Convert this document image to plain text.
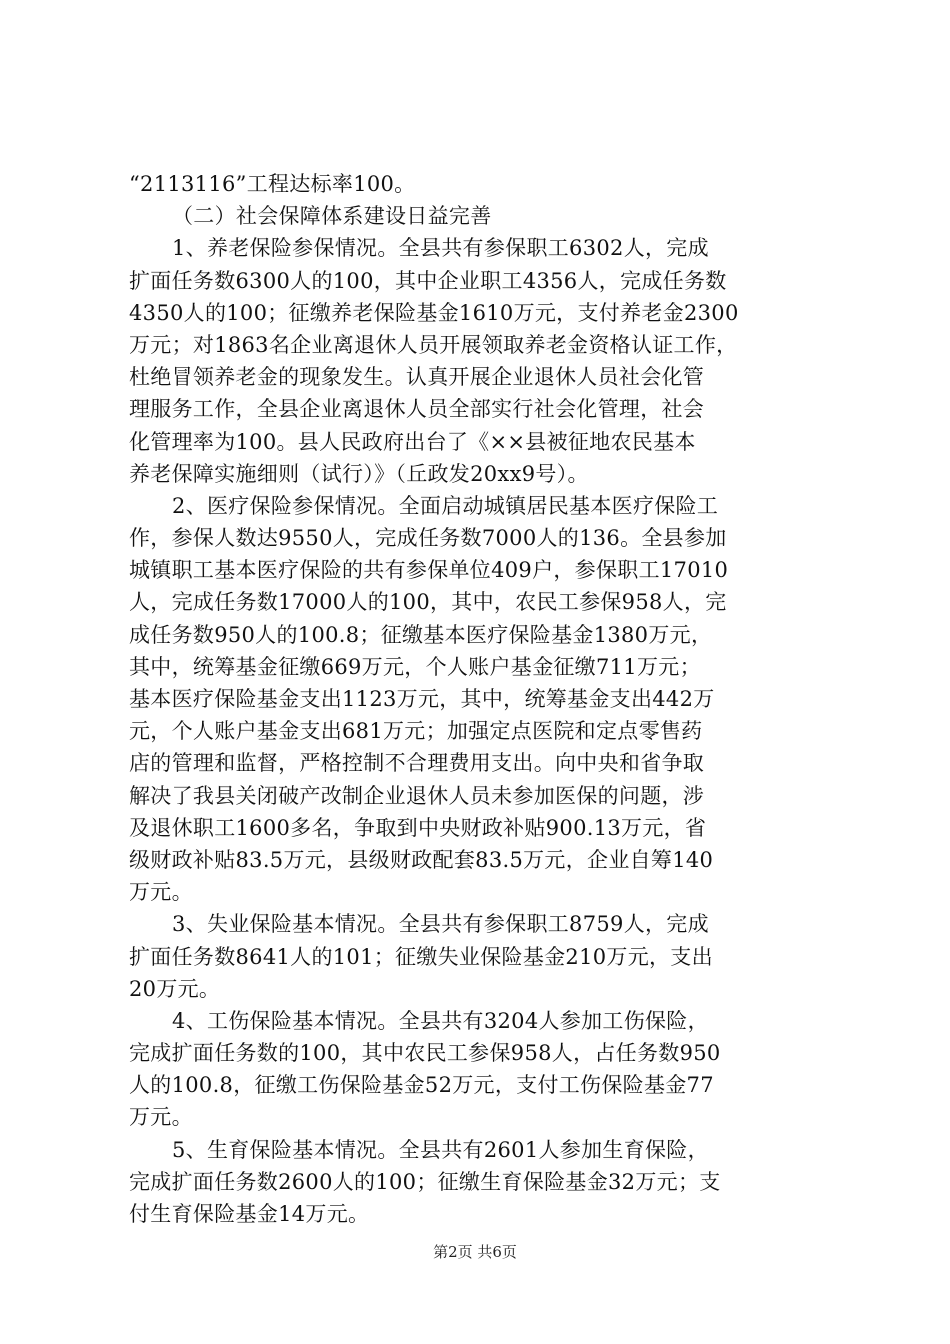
“2113116”工程达标率100。
（二）社会保障体系建设日益完善
1、养老保险参保情况。全县共有参保职工6302人，完成
扩面任务数6300人的100，其中企业职工4356人，完成任务数
4350人的100；征缴养老保险基金1610万元，支付养老金2300
万元；对1863名企业离退休人员开展领取养老金资格认证工作，
杜绝冒领养老金的现象发生。认真开展企业退休人员社会化管
理服务工作，全县企业离退休人员全部实行社会化管理，社会
化管理率为100。县人民政府出台了《××县被征地农民基本
养老保障实施细则（试行）》（丘政发20xx9号）。
2、医疗保险参保情况。全面启动城镇居民基本医疗保险工
作，参保人数达9550人，完成任务数7000人的136。全县参加
城镇职工基本医疗保险的共有参保单位409户，参保职工17010
人，完成任务数17000人的100，其中，农民工参保958人，完
成任务数950人的100.8；征缴基本医疗保险基金1380万元，
其中，统筹基金征缴669万元，个人账户基金征缴711万元；
基本医疗保险基金支出1123万元，其中，统筹基金支出442万
元，个人账户基金支出681万元；加强定点医院和定点零售药
店的管理和监督，严格控制不合理费用支出。向中央和省争取
解决了我县关闭破产改制企业退休人员未参加医保的问题，涉
及退休职工1600多名，争取到中央财政补贴900.13万元，省
级财政补贴83.5万元，县级财政配套83.5万元，企业自筹140
万元。
3、失业保险基本情况。全县共有参保职工8759人，完成
扩面任务数8641人的101；征缴失业保险基金210万元，支出
20万元。
4、工伤保险基本情况。全县共有3204人参加工伤保险，
完成扩面任务数的100，其中农民工参保958人，占任务数950
人的100.8，征缴工伤保险基金52万元，支付工伤保险基金77
万元。
5、生育保险基本情况。全县共有2601人参加生育保险，
完成扩面任务数2600人的100；征缴生育保险基金32万元；支
付生育保险基金14万元。
第2页 共6页
